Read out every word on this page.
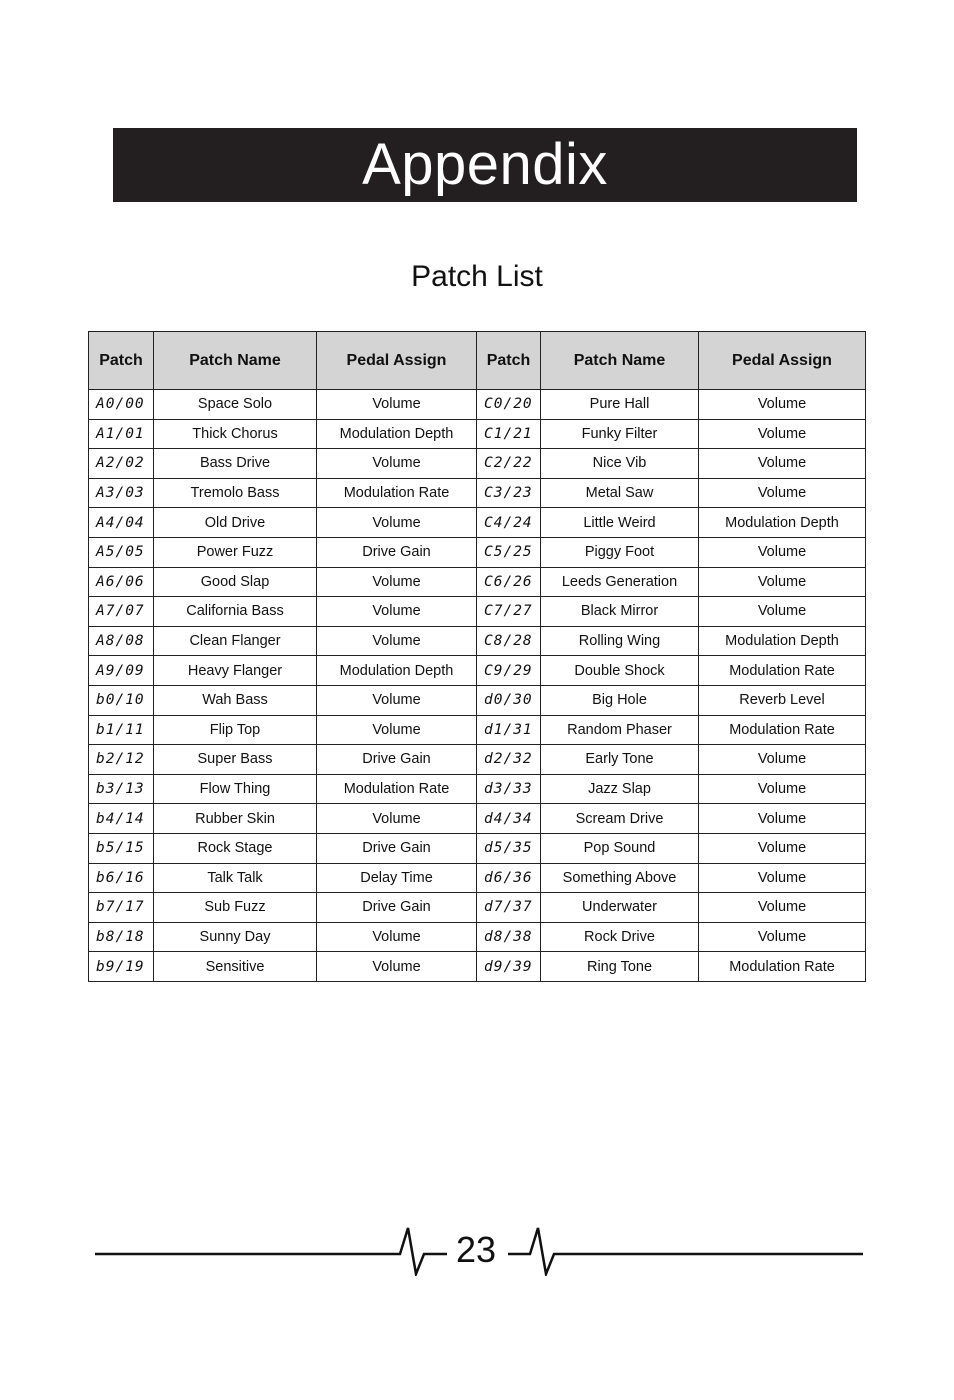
Appendix
Patch List
Patch	Patch Name	Pedal Assign	Patch	Patch Name	Pedal Assign
A0/00	Space Solo	Volume	C0/20	Pure Hall	Volume
A1/01	Thick Chorus	Modulation Depth	C1/21	Funky Filter	Volume
A2/02	Bass Drive	Volume	C2/22	Nice Vib	Volume
A3/03	Tremolo Bass	Modulation Rate	C3/23	Metal Saw	Volume
A4/04	Old Drive	Volume	C4/24	Little Weird	Modulation Depth
A5/05	Power Fuzz	Drive Gain	C5/25	Piggy Foot	Volume
A6/06	Good Slap	Volume	C6/26	Leeds Generation	Volume
A7/07	California Bass	Volume	C7/27	Black Mirror	Volume
A8/08	Clean Flanger	Volume	C8/28	Rolling Wing	Modulation Depth
A9/09	Heavy Flanger	Modulation Depth	C9/29	Double Shock	Modulation Rate
b0/10	Wah Bass	Volume	d0/30	Big Hole	Reverb Level
b1/11	Flip Top	Volume	d1/31	Random Phaser	Modulation Rate
b2/12	Super Bass	Drive Gain	d2/32	Early Tone	Volume
b3/13	Flow Thing	Modulation Rate	d3/33	Jazz Slap	Volume
b4/14	Rubber Skin	Volume	d4/34	Scream Drive	Volume
b5/15	Rock Stage	Drive Gain	d5/35	Pop Sound	Volume
b6/16	Talk Talk	Delay Time	d6/36	Something Above	Volume
b7/17	Sub Fuzz	Drive Gain	d7/37	Underwater	Volume
b8/18	Sunny Day	Volume	d8/38	Rock Drive	Volume
b9/19	Sensitive	Volume	d9/39	Ring Tone	Modulation Rate
23
